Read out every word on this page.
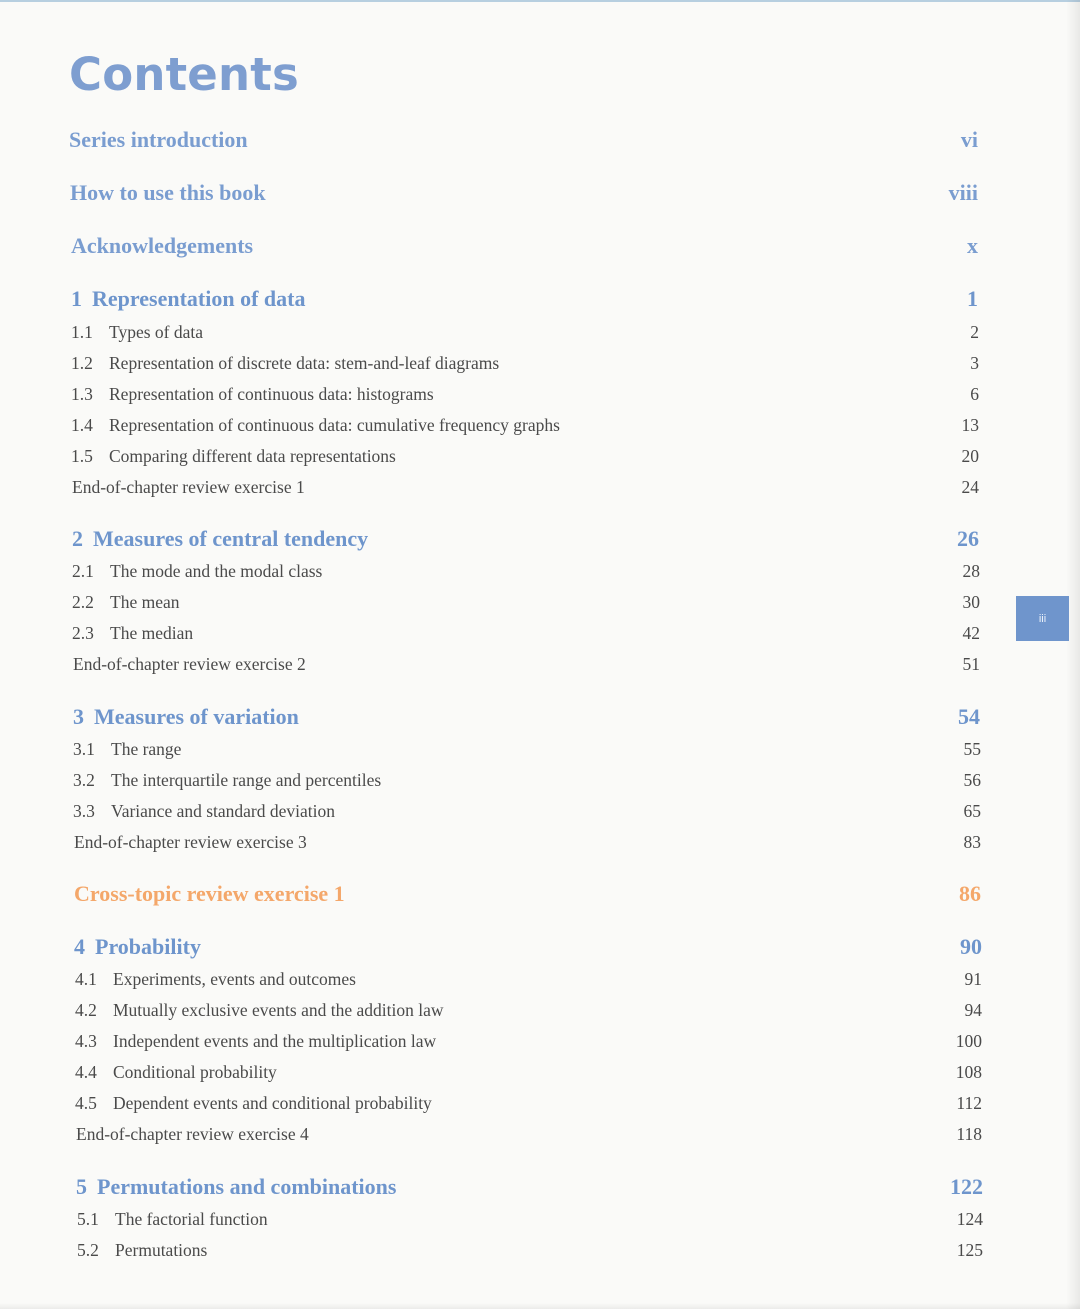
Contents
Series introduction	vi
How to use this book	viii
Acknowledgements	x
1 Representation of data	1
1.1 Types of data	2
1.2 Representation of discrete data: stem-and-leaf diagrams	3
1.3 Representation of continuous data: histograms	6
1.4 Representation of continuous data: cumulative frequency graphs	13
1.5 Comparing different data representations	20
End-of-chapter review exercise 1	24
2 Measures of central tendency	26
2.1 The mode and the modal class	28
2.2 The mean	30
2.3 The median	42
End-of-chapter review exercise 2	51
3 Measures of variation	54
3.1 The range	55
3.2 The interquartile range and percentiles	56
3.3 Variance and standard deviation	65
End-of-chapter review exercise 3	83
Cross-topic review exercise 1	86
4 Probability	90
4.1 Experiments, events and outcomes	91
4.2 Mutually exclusive events and the addition law	94
4.3 Independent events and the multiplication law	100
4.4 Conditional probability	108
4.5 Dependent events and conditional probability	112
End-of-chapter review exercise 4	118
5 Permutations and combinations	122
5.1 The factorial function	124
5.2 Permutations	125
iii
